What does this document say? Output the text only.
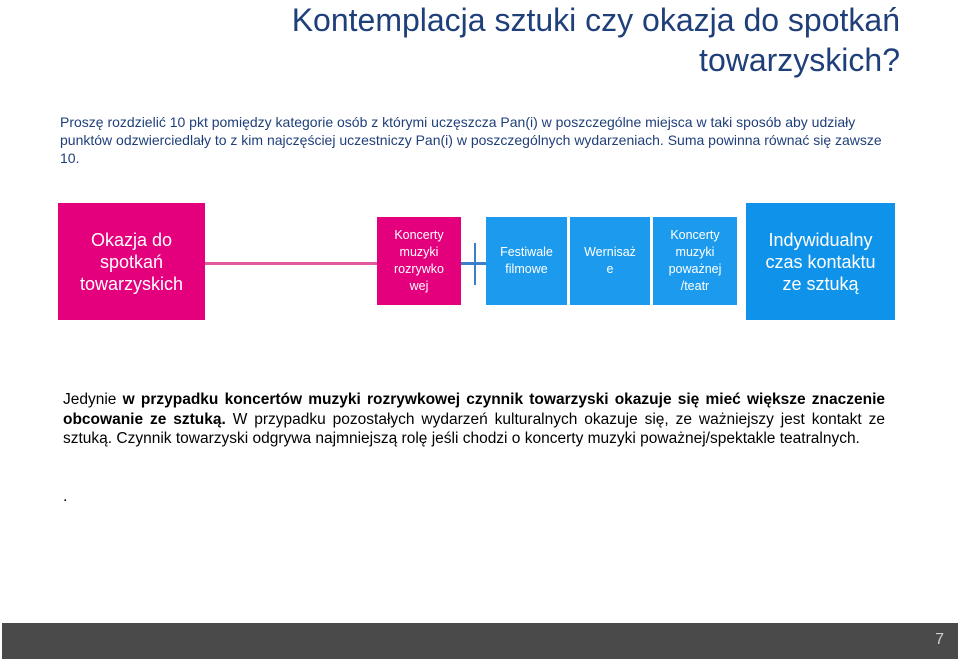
Kontemplacja sztuki czy okazja do spotkań
towarzyskich?
Proszę rozdzielić 10 pkt pomiędzy kategorie osób z którymi uczęszcza Pan(i) w poszczególne miejsca w taki sposób aby udziały
punktów odzwierciedlały to z kim najczęściej uczestniczy Pan(i) w poszczególnych wydarzeniach. Suma powinna równać się zawsze
10.
Okazja do
spotkań
towarzyskich
Koncerty
muzyki
rozrywko
wej
Festiwale
filmowe
Wernisaż
e
Koncerty
muzyki
poważnej
/teatr
Indywidualny
czas kontaktu
ze sztuką
Jedynie w przypadku koncertów muzyki rozrywkowej czynnik towarzyski okazuje się mieć większe znaczenie obcowanie ze sztuką. W przypadku pozostałych wydarzeń kulturalnych okazuje się, ze ważniejszy jest kontakt ze sztuką. Czynnik towarzyski odgrywa najmniejszą rolę jeśli chodzi o koncerty muzyki poważnej/spektakle teatralnych.
.
7
